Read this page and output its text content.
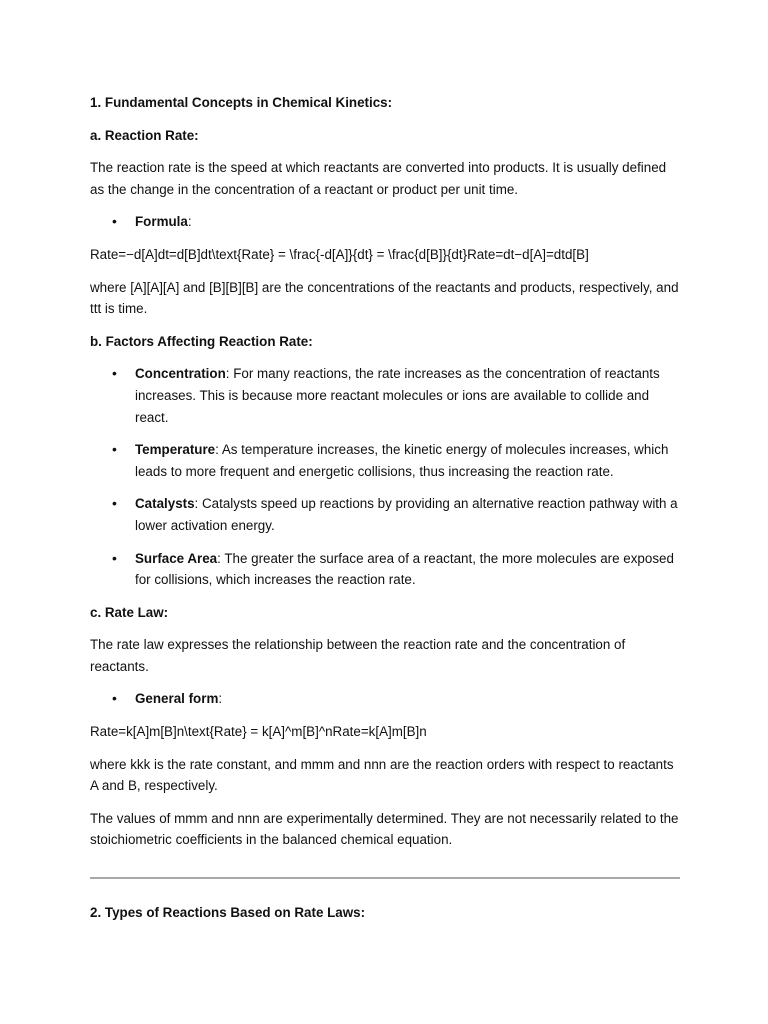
1. Fundamental Concepts in Chemical Kinetics:
a. Reaction Rate:

The reaction rate is the speed at which reactants are converted into products. It is usually defined as the change in the concentration of a reactant or product per unit time.

• Formula:
Rate=−d[A]dt=d[B]dt\text{Rate} = \frac{-d[A]}{dt} = \frac{d[B]}{dt}Rate=dt−d[A]=dtd[B]

where [A][A][A] and [B][B][B] are the concentrations of the reactants and products, respectively, and ttt is time.

b. Factors Affecting Reaction Rate:
• Concentration: For many reactions, the rate increases as the concentration of reactants increases. This is because more reactant molecules or ions are available to collide and react.
• Temperature: As temperature increases, the kinetic energy of molecules increases, which leads to more frequent and energetic collisions, thus increasing the reaction rate.
• Catalysts: Catalysts speed up reactions by providing an alternative reaction pathway with a lower activation energy.
• Surface Area: The greater the surface area of a reactant, the more molecules are exposed for collisions, which increases the reaction rate.
c. Rate Law:

The rate law expresses the relationship between the reaction rate and the concentration of reactants.

• General form:
Rate=k[A]m[B]n\text{Rate} = k[A]^m[B]^nRate=k[A]m[B]n

where kkk is the rate constant, and mmm and nnn are the reaction orders with respect to reactants A and B, respectively.

The values of mmm and nnn are experimentally determined. They are not necessarily related to the stoichiometric coefficients in the balanced chemical equation.

2. Types of Reactions Based on Rate Laws:
